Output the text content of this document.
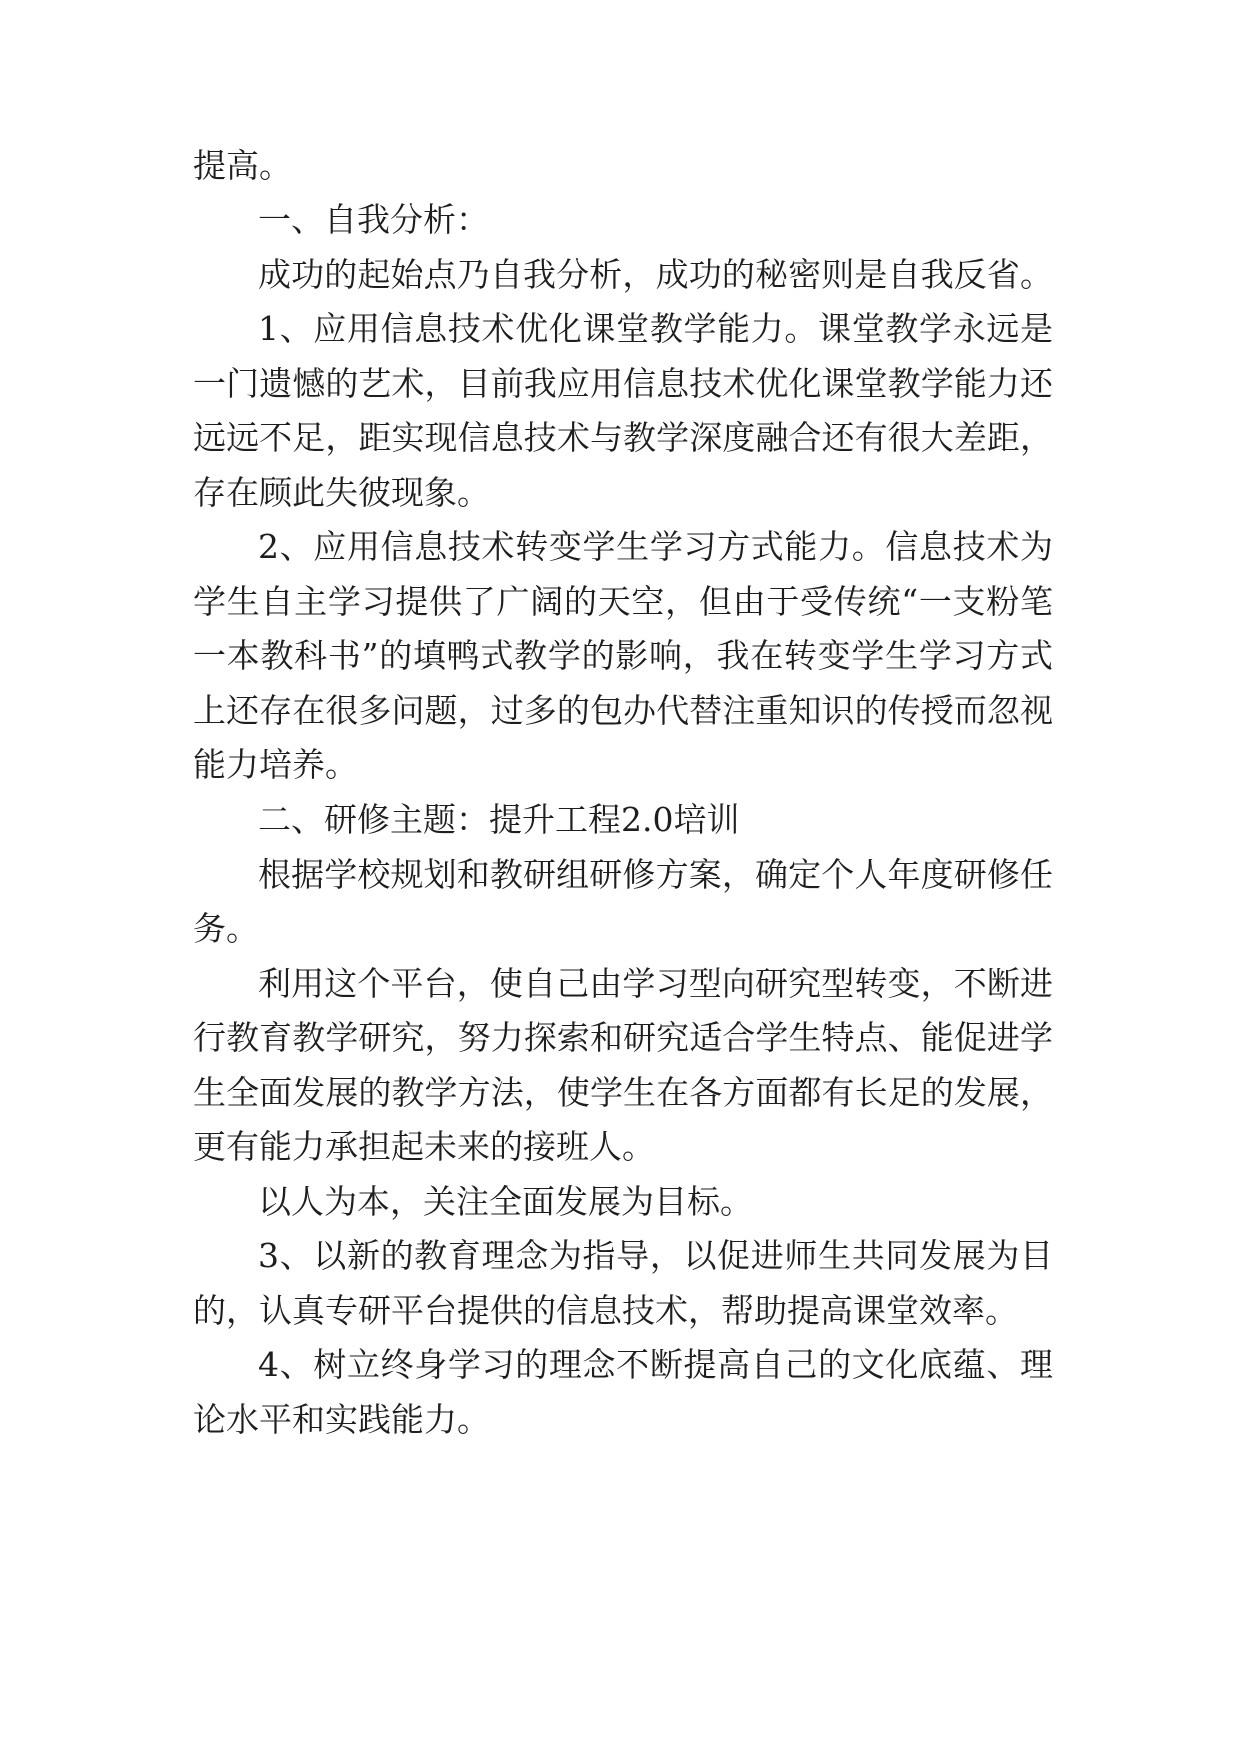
提高。
一、自我分析：
成功的起始点乃自我分析，成功的秘密则是自我反省。
1、应用信息技术优化课堂教学能力。课堂教学永远是
一门遗憾的艺术，目前我应用信息技术优化课堂教学能力还
远远不足，距实现信息技术与教学深度融合还有很大差距，
存在顾此失彼现象。
2、应用信息技术转变学生学习方式能力。信息技术为
学生自主学习提供了广阔的天空，但由于受传统“一支粉笔
一本教科书”的填鸭式教学的影响，我在转变学生学习方式
上还存在很多问题，过多的包办代替注重知识的传授而忽视
能力培养。
二、研修主题：提升工程2.0培训
根据学校规划和教研组研修方案，确定个人年度研修任
务。
利用这个平台，使自己由学习型向研究型转变，不断进
行教育教学研究，努力探索和研究适合学生特点、能促进学
生全面发展的教学方法，使学生在各方面都有长足的发展，
更有能力承担起未来的接班人。
以人为本，关注全面发展为目标。
3、以新的教育理念为指导，以促进师生共同发展为目
的，认真专研平台提供的信息技术，帮助提高课堂效率。
4、树立终身学习的理念不断提高自己的文化底蕴、理
论水平和实践能力。
